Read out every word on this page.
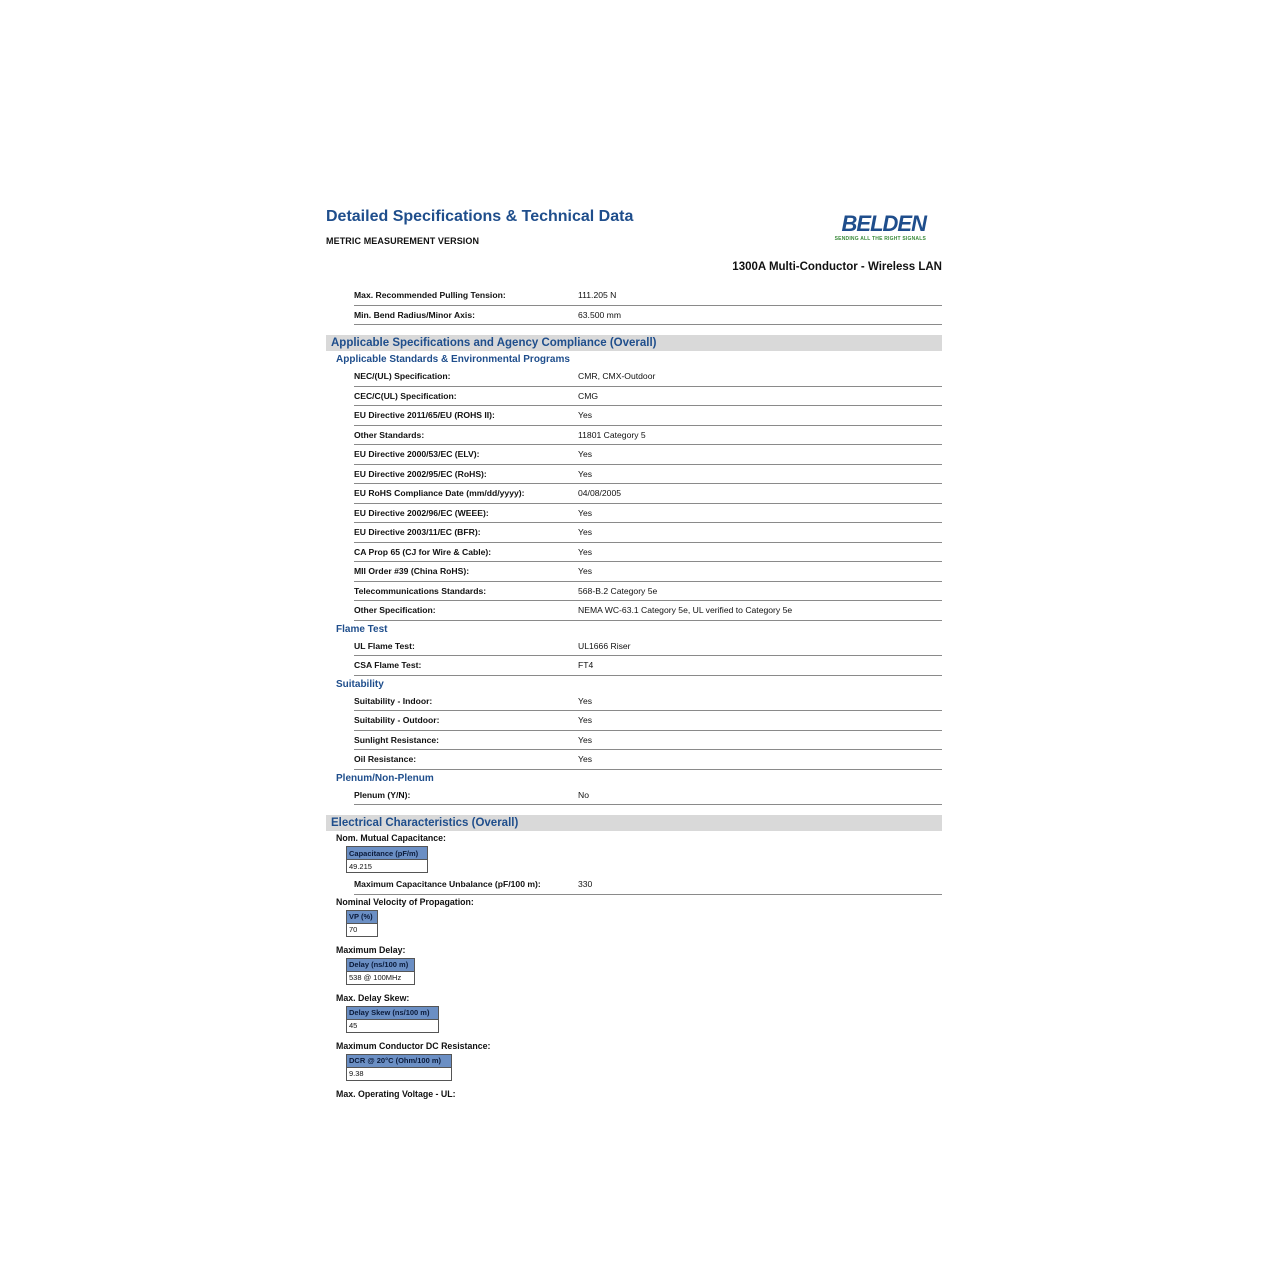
Detailed Specifications & Technical Data
METRIC MEASUREMENT VERSION
BELDEN
SENDING ALL THE RIGHT SIGNALS
1300A Multi-Conductor - Wireless LAN
Max. Recommended Pulling Tension:	111.205 N
Min. Bend Radius/Minor Axis:	63.500 mm
Applicable Specifications and Agency Compliance (Overall)
Applicable Standards & Environmental Programs
NEC/(UL) Specification:	CMR, CMX-Outdoor
CEC/C(UL) Specification:	CMG
EU Directive 2011/65/EU (ROHS II):	Yes
Other Standards:	11801 Category 5
EU Directive 2000/53/EC (ELV):	Yes
EU Directive 2002/95/EC (RoHS):	Yes
EU RoHS Compliance Date (mm/dd/yyyy):	04/08/2005
EU Directive 2002/96/EC (WEEE):	Yes
EU Directive 2003/11/EC (BFR):	Yes
CA Prop 65 (CJ for Wire & Cable):	Yes
MII Order #39 (China RoHS):	Yes
Telecommunications Standards:	568-B.2 Category 5e
Other Specification:	NEMA WC-63.1 Category 5e, UL verified to Category 5e
Flame Test
UL Flame Test:	UL1666 Riser
CSA Flame Test:	FT4
Suitability
Suitability - Indoor:	Yes
Suitability - Outdoor:	Yes
Sunlight Resistance:	Yes
Oil Resistance:	Yes
Plenum/Non-Plenum
Plenum (Y/N):	No
Electrical Characteristics (Overall)
Nom. Mutual Capacitance:
Capacitance (pF/m)
49.215
Maximum Capacitance Unbalance (pF/100 m):	330
Nominal Velocity of Propagation:
VP (%)
70
Maximum Delay:
Delay (ns/100 m)
538 @ 100MHz
Max. Delay Skew:
Delay Skew (ns/100 m)
45
Maximum Conductor DC Resistance:
DCR @ 20°C (Ohm/100 m)
9.38
Max. Operating Voltage - UL:
